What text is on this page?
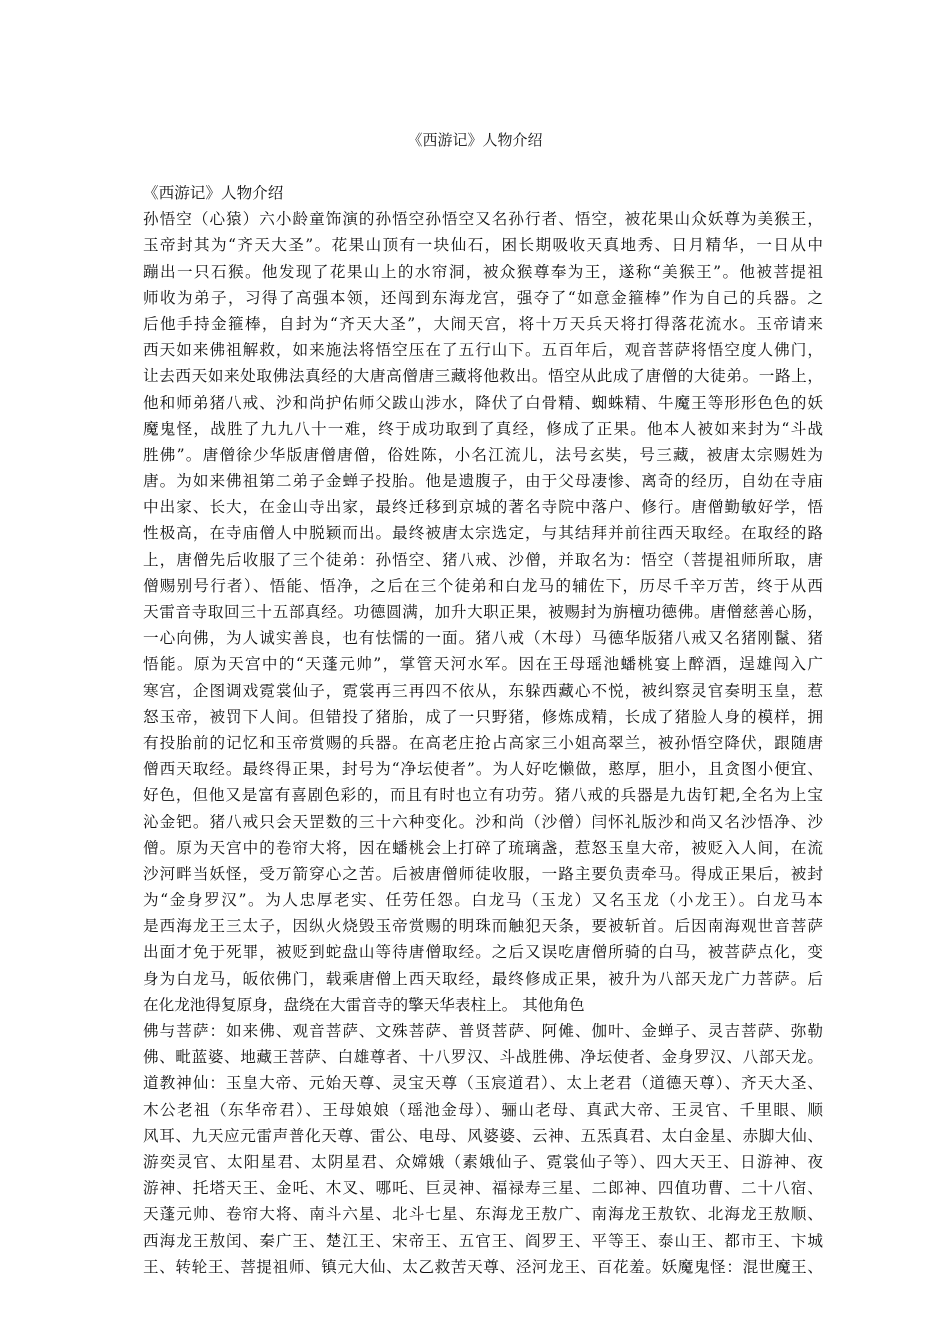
《西游记》人物介绍
《西游记》人物介绍
孙悟空（心猿）六小龄童饰演的孙悟空孙悟空又名孙行者、悟空，被花果山众妖尊为美猴王，
玉帝封其为“齐天大圣”。花果山顶有一块仙石，困长期吸收天真地秀、日月精华，一日从中
蹦出一只石猴。他发现了花果山上的水帘洞，被众猴尊奉为王，遂称“美猴王”。他被菩提祖
师收为弟子，习得了高强本领，还闯到东海龙宫，强夺了“如意金箍棒”作为自己的兵器。之
后他手持金箍棒，自封为“齐天大圣”，大闹天宫，将十万天兵天将打得落花流水。玉帝请来
西天如来佛祖解救，如来施法将悟空压在了五行山下。五百年后，观音菩萨将悟空度人佛门，
让去西天如来处取佛法真经的大唐高僧唐三藏将他救出。悟空从此成了唐僧的大徒弟。一路上，
他和师弟猪八戒、沙和尚护佑师父跋山涉水，降伏了白骨精、蜘蛛精、牛魔王等形形色色的妖
魔鬼怪，战胜了九九八十一难，终于成功取到了真经，修成了正果。他本人被如来封为“斗战
胜佛”。唐僧徐少华版唐僧唐僧，俗姓陈，小名江流儿，法号玄奘，号三藏，被唐太宗赐姓为
唐。为如来佛祖第二弟子金蝉子投胎。他是遗腹子，由于父母凄惨、离奇的经历，自幼在寺庙
中出家、长大，在金山寺出家，最终迁移到京城的著名寺院中落户、修行。唐僧勤敏好学，悟
性极高，在寺庙僧人中脱颖而出。最终被唐太宗选定，与其结拜并前往西天取经。在取经的路
上，唐僧先后收服了三个徒弟：孙悟空、猪八戒、沙僧，并取名为：悟空（菩提祖师所取，唐
僧赐别号行者）、悟能、悟净，之后在三个徒弟和白龙马的辅佐下，历尽千辛万苦，终于从西
天雷音寺取回三十五部真经。功德圆满，加升大职正果，被赐封为旃檀功德佛。唐僧慈善心肠，
一心向佛，为人诚实善良，也有怯懦的一面。猪八戒（木母）马德华版猪八戒又名猪刚鬣、猪
悟能。原为天宫中的“天蓬元帅”，掌管天河水军。因在王母瑶池蟠桃宴上醉酒，逞雄闯入广
寒宫，企图调戏霓裳仙子，霓裳再三再四不依从，东躲西藏心不悦，被纠察灵官奏明玉皇，惹
怒玉帝，被罚下人间。但错投了猪胎，成了一只野猪，修炼成精，长成了猪脸人身的模样，拥
有投胎前的记忆和玉帝赏赐的兵器。在高老庄抢占高家三小姐高翠兰，被孙悟空降伏，跟随唐
僧西天取经。最终得正果，封号为“净坛使者”。为人好吃懒做，憨厚，胆小，且贪图小便宜、
好色，但他又是富有喜剧色彩的，而且有时也立有功劳。猪八戒的兵器是九齿钉耙,全名为上宝
沁金钯。猪八戒只会天罡数的三十六种变化。沙和尚（沙僧）闫怀礼版沙和尚又名沙悟净、沙
僧。原为天宫中的卷帘大将，因在蟠桃会上打碎了琉璃盏，惹怒玉皇大帝，被贬入人间，在流
沙河畔当妖怪，受万箭穿心之苦。后被唐僧师徒收服，一路主要负责牵马。得成正果后，被封
为“金身罗汉”。为人忠厚老实、任劳任怨。白龙马（玉龙）又名玉龙（小龙王）。白龙马本
是西海龙王三太子，因纵火烧毁玉帝赏赐的明珠而触犯天条，要被斩首。后因南海观世音菩萨
出面才免于死罪，被贬到蛇盘山等待唐僧取经。之后又误吃唐僧所骑的白马，被菩萨点化，变
身为白龙马，皈依佛门，载乘唐僧上西天取经，最终修成正果，被升为八部天龙广力菩萨。后
在化龙池得复原身，盘绕在大雷音寺的擎天华表柱上。 其他角色
佛与菩萨：如来佛、观音菩萨、文殊菩萨、普贤菩萨、阿傩、伽叶、金蝉子、灵吉菩萨、弥勒
佛、毗蓝婆、地藏王菩萨、白雄尊者、十八罗汉、斗战胜佛、净坛使者、金身罗汉、八部天龙。
道教神仙：玉皇大帝、元始天尊、灵宝天尊（玉宸道君）、太上老君（道德天尊）、齐天大圣、
木公老祖（东华帝君）、王母娘娘（瑶池金母）、骊山老母、真武大帝、王灵官、千里眼、顺
风耳、九天应元雷声普化天尊、雷公、电母、风婆婆、云神、五炁真君、太白金星、赤脚大仙、
游奕灵官、太阳星君、太阴星君、众嫦娥（素娥仙子、霓裳仙子等）、四大天王、日游神、夜
游神、托塔天王、金吒、木叉、哪吒、巨灵神、福禄寿三星、二郎神、四值功曹、二十八宿、
天蓬元帅、卷帘大将、南斗六星、北斗七星、东海龙王敖广、南海龙王敖钦、北海龙王敖顺、
西海龙王敖闰、秦广王、楚江王、宋帝王、五官王、阎罗王、平等王、泰山王、都市王、卞城
王、转轮王、菩提祖师、镇元大仙、太乙救苦天尊、泾河龙王、百花羞。妖魔鬼怪：混世魔王、
